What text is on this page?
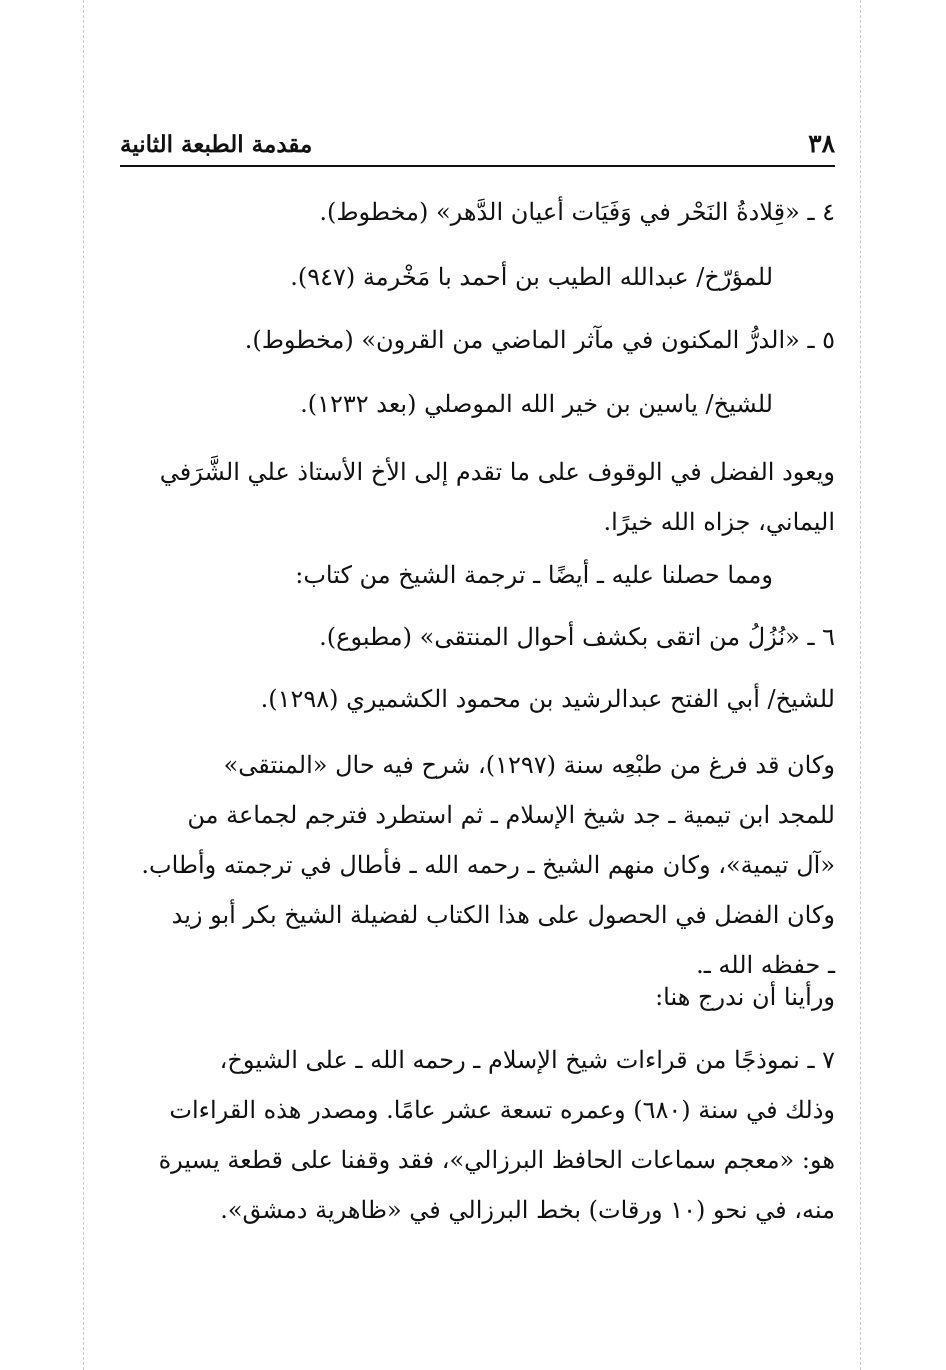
٣٨
مقدمة الطبعة الثانية
٤ ـ «قِلادةُ النَحْر في وَفَيَات أعيان الدَّهر» (مخطوط).
للمؤرّخ/ عبدالله الطيب بن أحمد با مَخْرمة (٩٤٧).
٥ ـ «الدرُّ المكنون في مآثر الماضي من القرون» (مخطوط).
للشيخ/ ياسين بن خير الله الموصلي (بعد ١٢٣٢).
ويعود الفضل في الوقوف على ما تقدم إلى الأخ الأستاذ علي الشَّرَفي
اليماني، جزاه الله خيرًا.
ومما حصلنا عليه ـ أيضًا ـ ترجمة الشيخ من كتاب:
٦ ـ «نُزُلُ من اتقى بكشف أحوال المنتقى» (مطبوع).
للشيخ/ أبي الفتح عبدالرشيد بن محمود الكشميري (١٢٩٨).
وكان قد فرغ من طبْعِه سنة (١٢٩٧)، شرح فيه حال «المنتقى»
للمجد ابن تيمية ـ جد شيخ الإسلام ـ ثم استطرد فترجم لجماعة من
«آل تيمية»، وكان منهم الشيخ ـ رحمه الله ـ فأطال في ترجمته وأطاب.
وكان الفضل في الحصول على هذا الكتاب لفضيلة الشيخ بكر أبو زيد
ـ حفظه الله ـ.
ورأينا أن ندرج هنا:
٧ ـ نموذجًا من قراءات شيخ الإسلام ـ رحمه الله ـ على الشيوخ،
وذلك في سنة (٦٨٠) وعمره تسعة عشر عامًا. ومصدر هذه القراءات
هو: «معجم سماعات الحافظ البرزالي»، فقد وقفنا على قطعة يسيرة
منه، في نحو (١٠ ورقات) بخط البرزالي في «ظاهرية دمشق».
